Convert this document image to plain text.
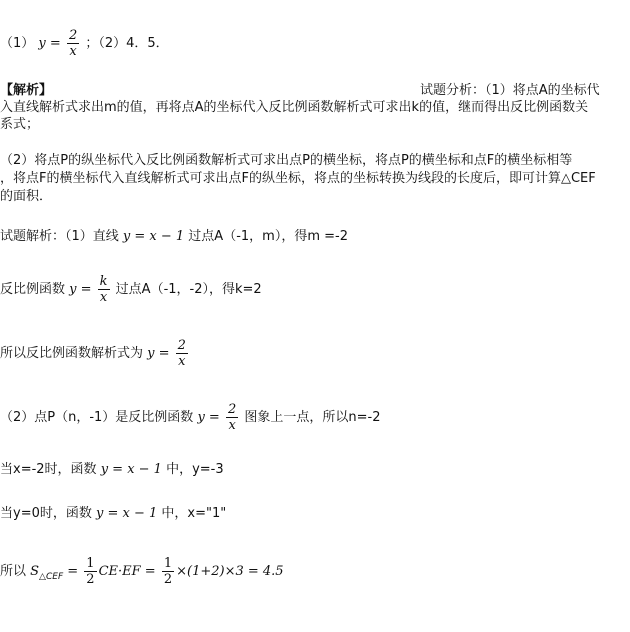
（1） $y = \frac{2}{x}$ ；（2）4．5．
【解析】	试题分析：（1）将点A的坐标代
入直线解析式求出m的值，再将点A的坐标代入反比例函数解析式可求出k的值，继而得出反比例函数关
系式；
（2）将点P的纵坐标代入反比例函数解析式可求出点P的横坐标，将点P的横坐标和点F的横坐标相等
，将点F的横坐标代入直线解析式可求出点F的纵坐标，将点的坐标转换为线段的长度后，即可计算△CEF
的面积．
试题解析：（1）直线 y = x − 1 过点A（-1，m），得m =-2
反比例函数 $y = \frac{k}{x}$ 过点A（-1，-2），得k=2
所以反比例函数解析式为 $y = \frac{2}{x}$
（2）点P（n，-1）是反比例函数 $y = \frac{2}{x}$ 图象上一点，所以n=-2
当x=-2时，函数 y = x − 1 中，y=-3
当y=0时，函数 y = x − 1 中，x="1"
所以 $S_{\triangle CEF} = \frac{1}{2} CE\cdot EF = \frac{1}{2} \times(1+2)\times 3 = 4.5$
